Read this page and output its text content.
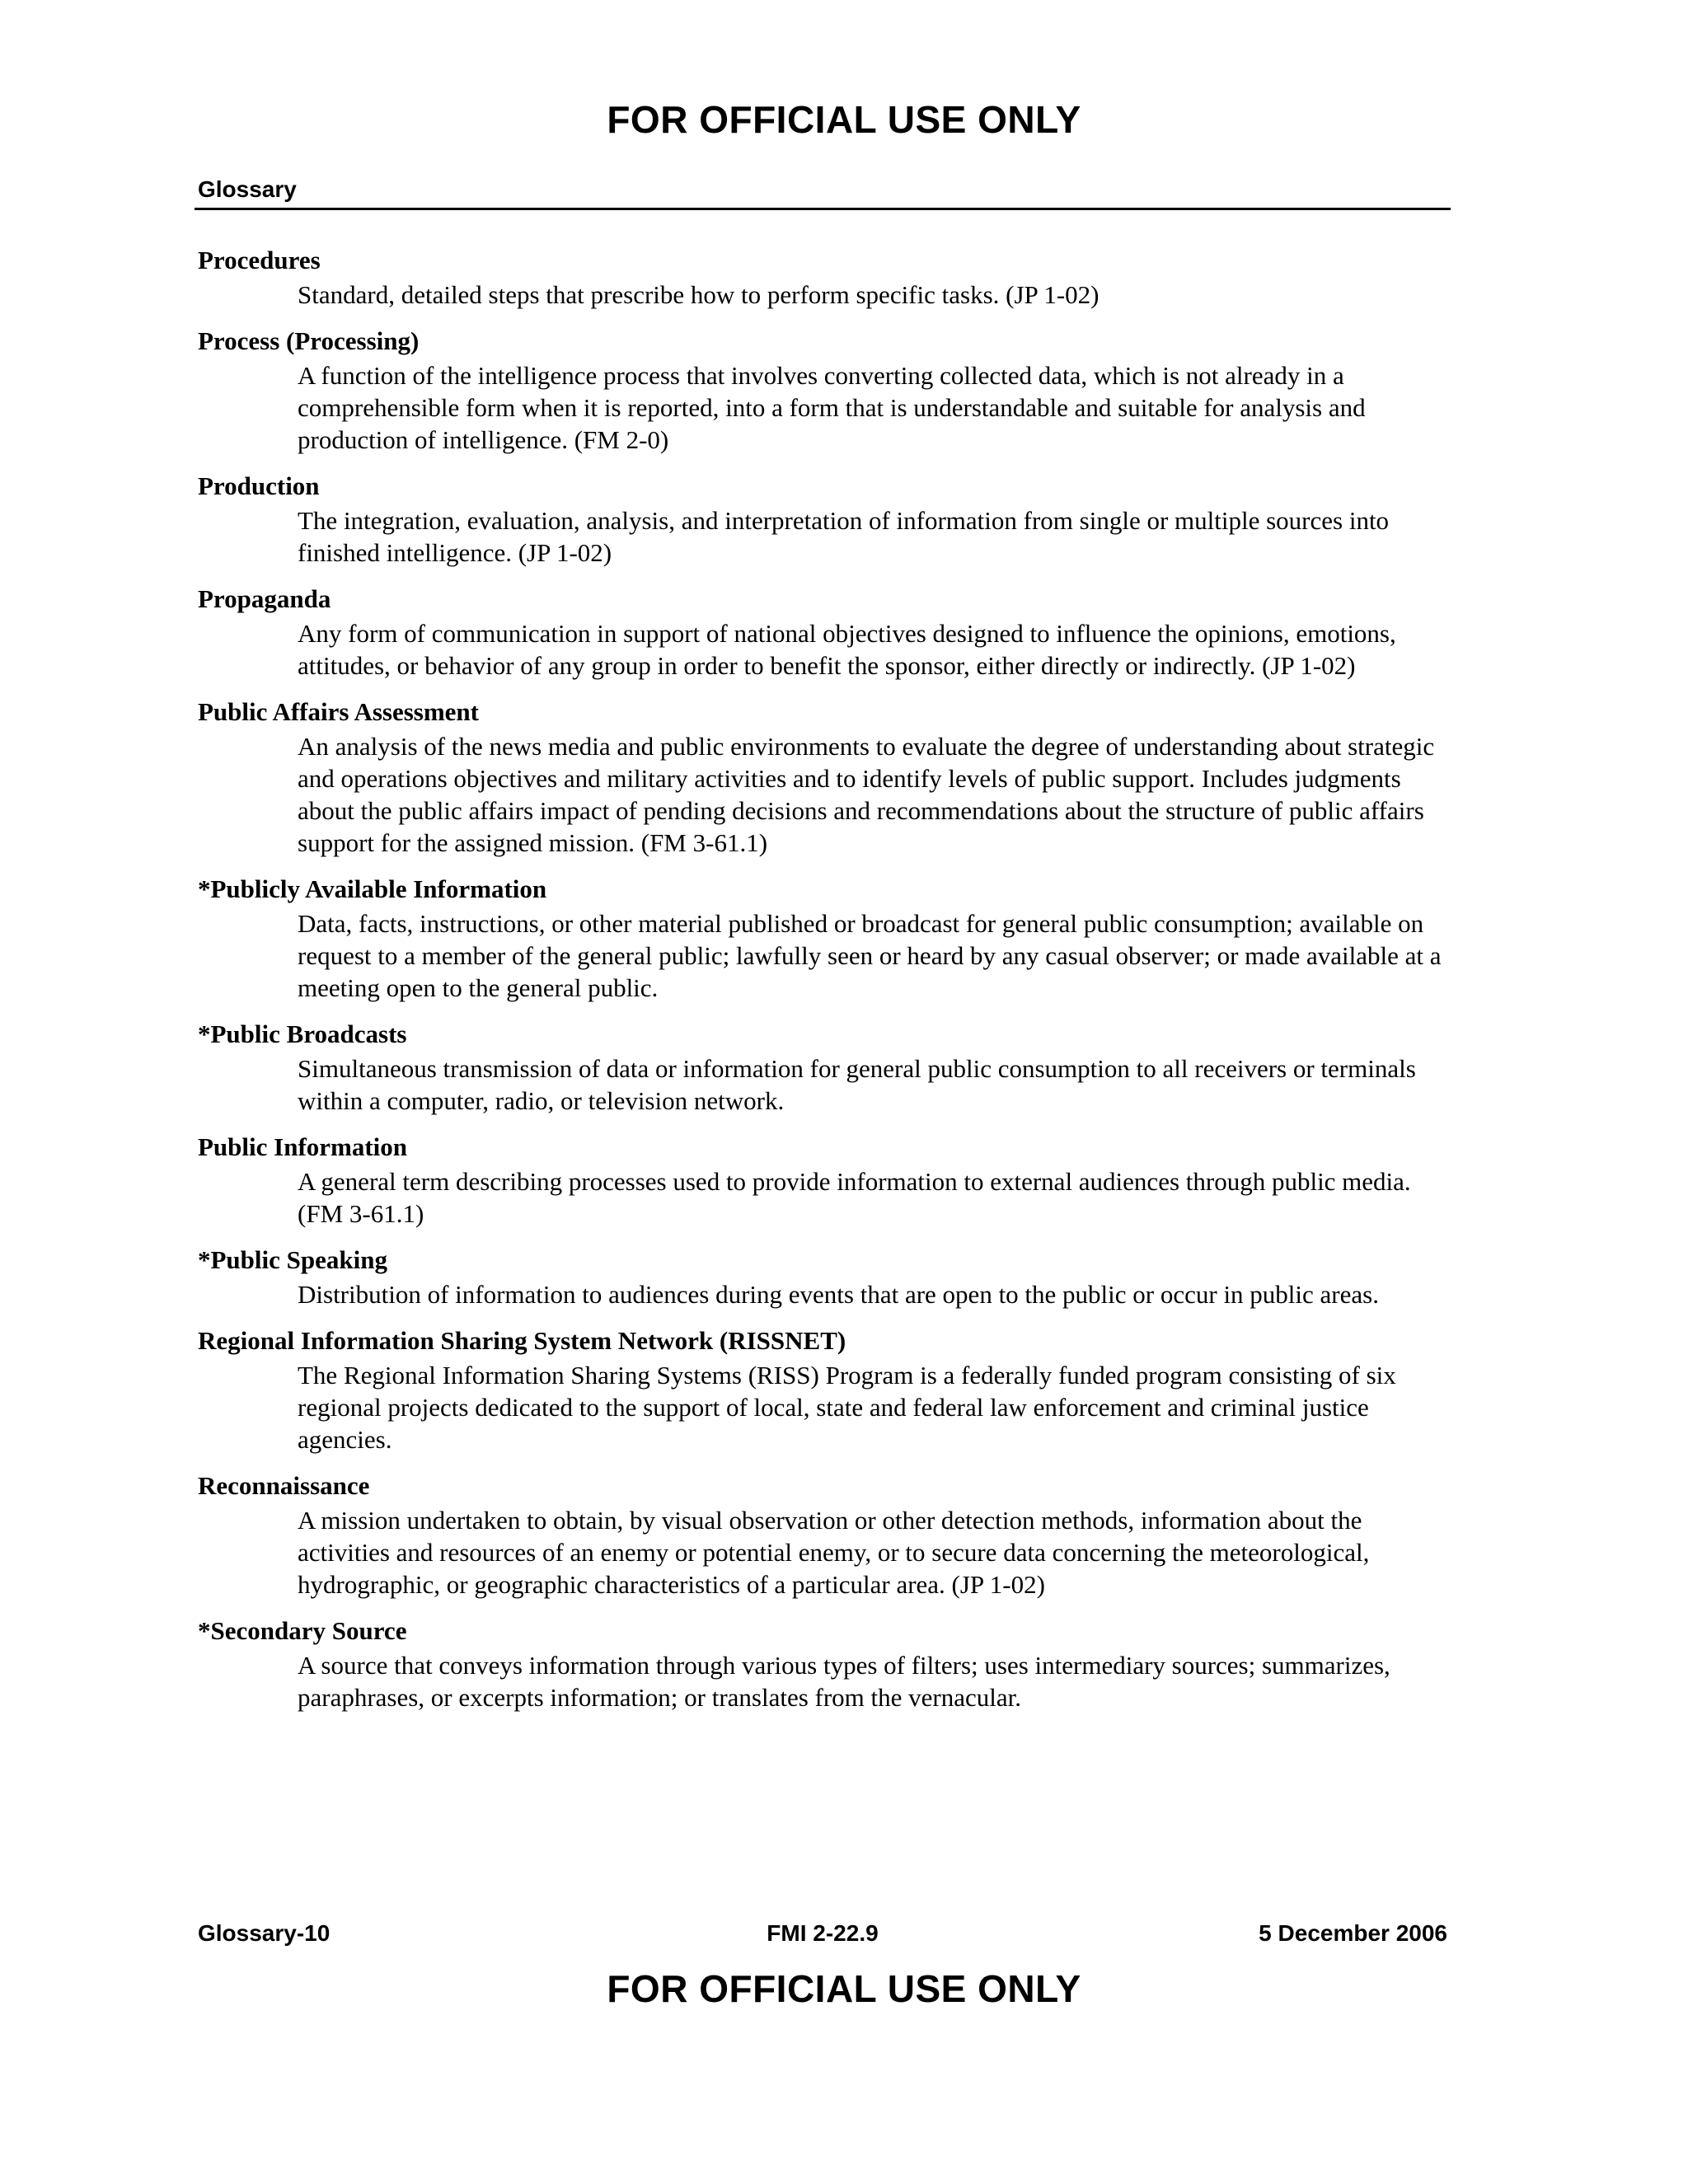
FOR OFFICIAL USE ONLY
Glossary
Procedures
Standard, detailed steps that prescribe how to perform specific tasks. (JP 1-02)
Process (Processing)
A function of the intelligence process that involves converting collected data, which is not already in a comprehensible form when it is reported, into a form that is understandable and suitable for analysis and production of intelligence. (FM 2-0)
Production
The integration, evaluation, analysis, and interpretation of information from single or multiple sources into finished intelligence. (JP 1-02)
Propaganda
Any form of communication in support of national objectives designed to influence the opinions, emotions, attitudes, or behavior of any group in order to benefit the sponsor, either directly or indirectly. (JP 1-02)
Public Affairs Assessment
An analysis of the news media and public environments to evaluate the degree of understanding about strategic and operations objectives and military activities and to identify levels of public support. Includes judgments about the public affairs impact of pending decisions and recommendations about the structure of public affairs support for the assigned mission. (FM 3-61.1)
*Publicly Available Information
Data, facts, instructions, or other material published or broadcast for general public consumption; available on request to a member of the general public; lawfully seen or heard by any casual observer; or made available at a meeting open to the general public.
*Public Broadcasts
Simultaneous transmission of data or information for general public consumption to all receivers or terminals within a computer, radio, or television network.
Public Information
A general term describing processes used to provide information to external audiences through public media. (FM 3-61.1)
*Public Speaking
Distribution of information to audiences during events that are open to the public or occur in public areas.
Regional Information Sharing System Network (RISSNET)
The Regional Information Sharing Systems (RISS) Program is a federally funded program consisting of six regional projects dedicated to the support of local, state and federal law enforcement and criminal justice agencies.
Reconnaissance
A mission undertaken to obtain, by visual observation or other detection methods, information about the activities and resources of an enemy or potential enemy, or to secure data concerning the meteorological, hydrographic, or geographic characteristics of a particular area. (JP 1-02)
*Secondary Source
A source that conveys information through various types of filters; uses intermediary sources; summarizes, paraphrases, or excerpts information; or translates from the vernacular.
Glossary-10	FMI 2-22.9	5 December 2006
FOR OFFICIAL USE ONLY
